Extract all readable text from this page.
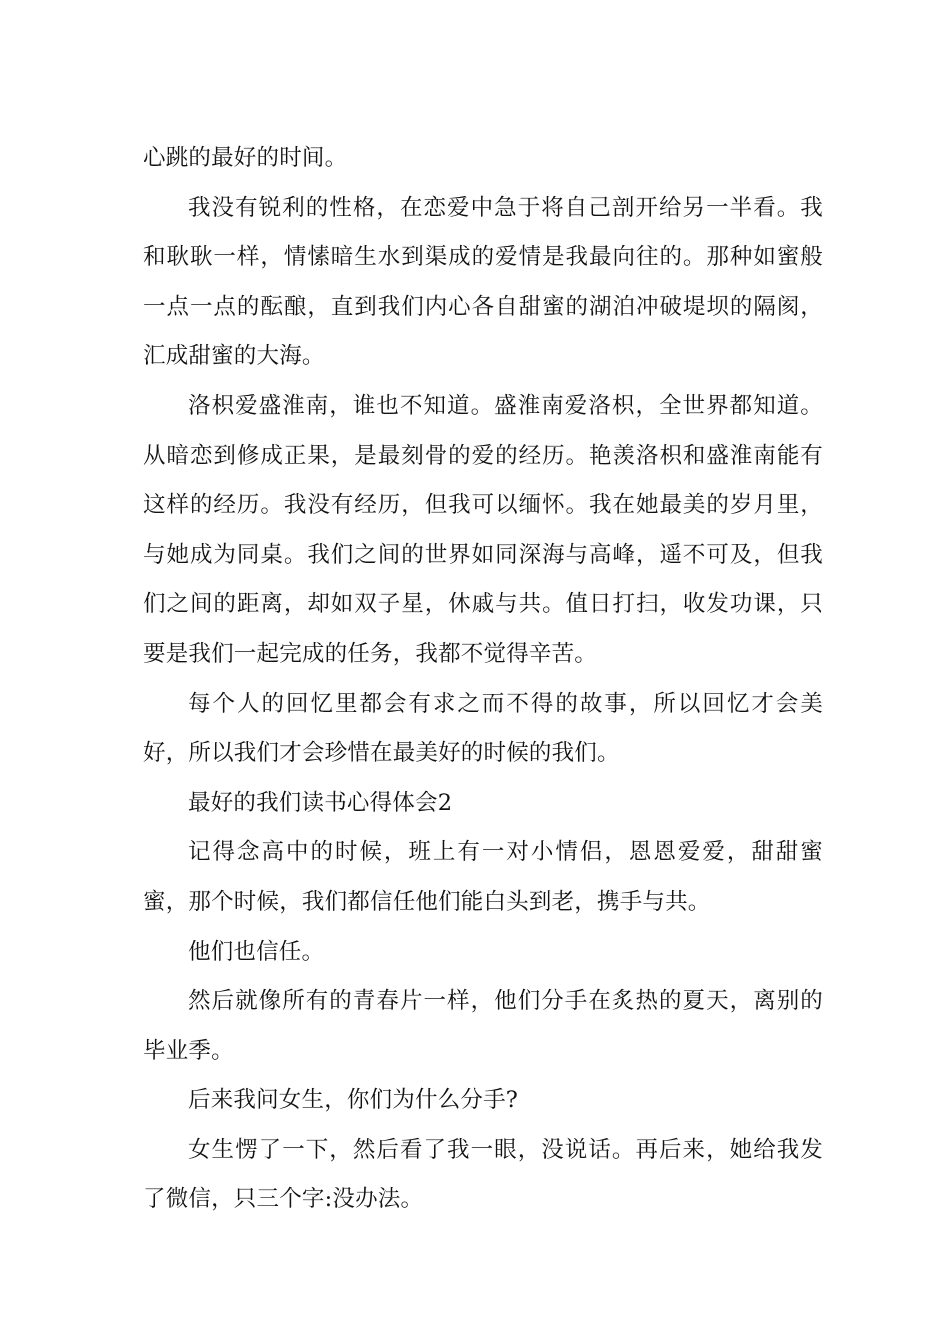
心跳的最好的时间。

我没有锐利的性格，在恋爱中急于将自己剖开给另一半看。我和耿耿一样，情愫暗生水到渠成的爱情是我最向往的。那种如蜜般一点一点的酝酿，直到我们内心各自甜蜜的湖泊冲破堤坝的隔阂，汇成甜蜜的大海。

洛枳爱盛淮南，谁也不知道。盛淮南爱洛枳，全世界都知道。从暗恋到修成正果，是最刻骨的爱的经历。艳羡洛枳和盛淮南能有这样的经历。我没有经历，但我可以缅怀。我在她最美的岁月里，与她成为同桌。我们之间的世界如同深海与高峰，遥不可及，但我们之间的距离，却如双子星，休戚与共。值日打扫，收发功课，只要是我们一起完成的任务，我都不觉得辛苦。

每个人的回忆里都会有求之而不得的故事，所以回忆才会美好，所以我们才会珍惜在最美好的时候的我们。

最好的我们读书心得体会2

记得念高中的时候，班上有一对小情侣，恩恩爱爱，甜甜蜜蜜，那个时候，我们都信任他们能白头到老，携手与共。

他们也信任。

然后就像所有的青春片一样，他们分手在炙热的夏天，离别的毕业季。

后来我问女生，你们为什么分手?

女生愣了一下，然后看了我一眼，没说话。再后来，她给我发了微信，只三个字:没办法。
